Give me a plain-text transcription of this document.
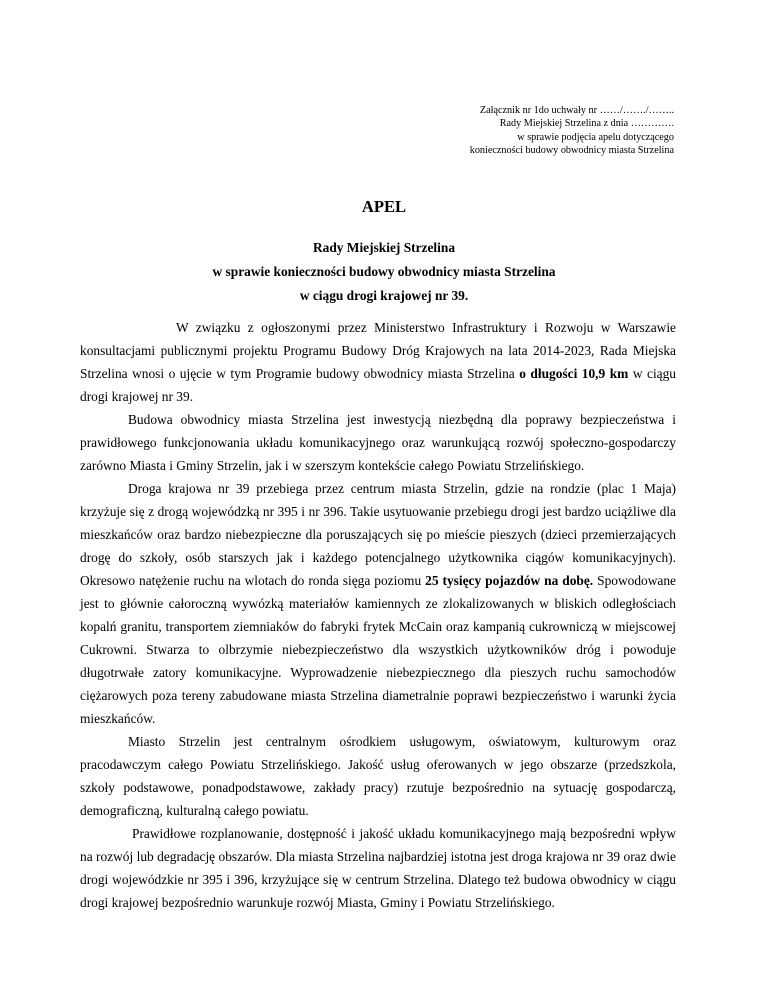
Załącznik nr 1do uchwały nr ……/……./……..
Rady Miejskiej Strzelina z dnia ………….
w sprawie podjęcia apelu dotyczącego
konieczności budowy obwodnicy miasta Strzelina
APEL
Rady Miejskiej Strzelina
w sprawie konieczności budowy obwodnicy miasta Strzelina
w ciągu drogi krajowej nr 39.

W związku z ogłoszonymi przez Ministerstwo Infrastruktury i Rozwoju w Warszawie konsultacjami publicznymi projektu Programu Budowy Dróg Krajowych na lata 2014-2023, Rada Miejska Strzelina wnosi o ujęcie w tym Programie budowy obwodnicy miasta Strzelina o długości 10,9 km w ciągu drogi krajowej nr 39.

Budowa obwodnicy miasta Strzelina jest inwestycją niezbędną dla poprawy bezpieczeństwa i prawidłowego funkcjonowania układu komunikacyjnego oraz warunkującą rozwój społeczno-gospodarczy zarówno Miasta i Gminy Strzelin, jak i w szerszym kontekście całego Powiatu Strzelińskiego.

Droga krajowa nr 39 przebiega przez centrum miasta Strzelin, gdzie na rondzie (plac 1 Maja) krzyżuje się z drogą wojewódzką nr 395 i nr 396. Takie usytuowanie przebiegu drogi jest bardzo uciążliwe dla mieszkańców oraz bardzo niebezpieczne dla poruszających się po mieście pieszych (dzieci przemierzających drogę do szkoły, osób starszych jak i każdego potencjalnego użytkownika ciągów komunikacyjnych). Okresowo natężenie ruchu na wlotach do ronda sięga poziomu 25 tysięcy pojazdów na dobę. Spowodowane jest to głównie całoroczną wywózką materiałów kamiennych ze zlokalizowanych w bliskich odległościach kopalń granitu, transportem ziemniaków do fabryki frytek McCain oraz kampanią cukrowniczą w miejscowej Cukrowni. Stwarza to olbrzymie niebezpieczeństwo dla wszystkich użytkowników dróg i powoduje długotrwałe zatory komunikacyjne. Wyprowadzenie niebezpiecznego dla pieszych ruchu samochodów ciężarowych poza tereny zabudowane miasta Strzelina diametralnie poprawi bezpieczeństwo i warunki życia mieszkańców.

Miasto Strzelin jest centralnym ośrodkiem usługowym, oświatowym, kulturowym oraz pracodawczym całego Powiatu Strzelińskiego. Jakość usług oferowanych w jego obszarze (przedszkola, szkoły podstawowe, ponadpodstawowe, zakłady pracy) rzutuje bezpośrednio na sytuację gospodarczą, demograficzną, kulturalną całego powiatu.

Prawidłowe rozplanowanie, dostępność i jakość układu komunikacyjnego mają bezpośredni wpływ na rozwój lub degradację obszarów. Dla miasta Strzelina najbardziej istotna jest droga krajowa nr 39 oraz dwie drogi wojewódzkie nr 395 i 396, krzyżujące się w centrum Strzelina. Dlatego też budowa obwodnicy w ciągu drogi krajowej bezpośrednio warunkuje rozwój Miasta, Gminy i Powiatu Strzelińskiego.
